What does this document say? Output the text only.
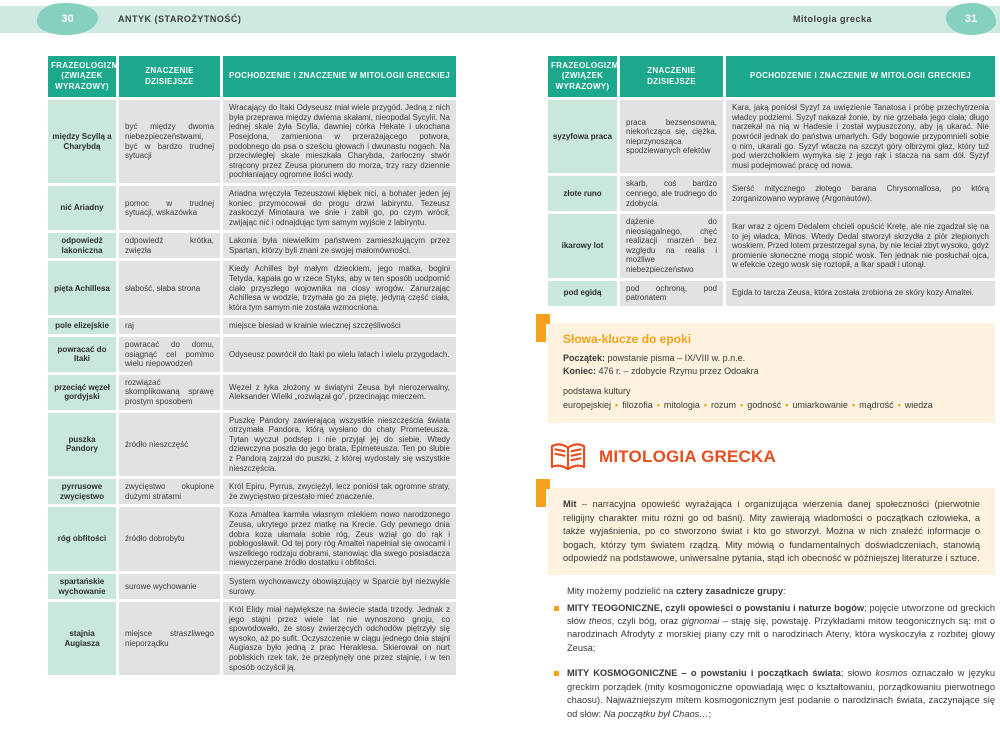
30	ANTYK (STAROŻYTNOŚĆ)	Mitologia grecka	31
FRAZEOLOGIZM (ZWIĄZEK WYRAZOWY)	ZNACZENIE DZISIEJSZE	POCHODZENIE I ZNACZENIE W MITOLOGII GRECKIEJ
między Scyllą a Charybdą	być między dwoma niebezpieczeństwami, być w bardzo trudnej sytuacji	Wracający do Itaki Odyseusz miał wiele przygód. Jedną z nich była przeprawa między dwiema skałami, nieopodal Sycylii. Na jednej skale żyła Scylla, dawniej córka Hekate i ukochana Posejdona, zamieniona w przerażającego potwora, podobnego do psa o sześciu głowach i dwunastu nogach. Na przeciwległej skale mieszkała Charybda, żarłoczny stwór strącony przez Zeusa piorunem do morza, trzy razy dziennie pochłaniający ogromne ilości wody.
nić Ariadny	pomoc w trudnej sytuacji, wskazówka	Ariadna wręczyła Tezeuszowi kłębek nici, a bohater jeden jej koniec przymocował do progu drzwi labiryntu. Tezeusz zaskoczył Minotaura we śnie i zabił go, po czym wrócił, zwijając nić i odnajdując tym samym wyjście z labiryntu.
odpowiedź lakoniczna	odpowiedź krótka, zwięzła	Lakonia była niewielkim państwem zamieszkującym przez Spartan, którzy byli znani ze swojej małomówności.
pięta Achillesa	słabość, słaba strona	Kiedy Achilles był małym dzieckiem, jego matka, bogini Tetyda, kąpała go w rzece Styks, aby w ten sposób uodpornić ciało przyszłego wojownika na ciosy wrogów. Zanurzając Achillesa w wodzie, trzymała go za piętę, jedyną część ciała, która tym samym nie została wzmocniona.
pole elizejskie	raj	miejsce biesiad w krainie wiecznej szczęśliwości
powracać do Itaki	powracać do domu, osiągnąć cel pomimo wielu niepowodzeń	Odyseusz powrócił do Itaki po wielu latach i wielu przygodach.
przeciąć węzeł gordyjski	rozwiązać skomplikowaną sprawę prostym sposobem	Węzeł z łyka złożony w świątyni Zeusa był nierozerwalny, Aleksander Wielki „rozwiązał go”, przecinając mieczem.
puszka Pandory	źródło nieszczęść	Puszkę Pandory zawierającą wszystkie nieszczęścia świata otrzymała Pandora, którą wysłano do chaty Prometeusza. Tytan wyczuł podstęp i nie przyjął jej do siebie. Wtedy dziewczyna poszła do jego brata, Epimeteusza. Ten po ślubie z Pandorą zajrzał do puszki, z której wydostały się wszystkie nieszczęścia.
pyrrusowe zwycięstwo	zwycięstwo okupione dużymi stratami	Król Epiru, Pyrrus, zwyciężył, lecz poniósł tak ogromne straty, że zwycięstwo przestało mieć znaczenie.
róg obfitości	źródło dobrobytu	Koza Amaltea karmiła własnym mlekiem nowo narodzonego Zeusa, ukrytego przez matkę na Krecie. Gdy pewnego dnia dobra koza ułamała sobie róg, Zeus wziął go do rąk i pobłogosławił. Od tej pory róg Amaltei napełniał się owocami i wszelkiego rodzaju dobrami, stanowiąc dla swego posiadacza niewyczerpane źródło dostatku i obfitości.
spartańskie wychowanie	surowe wychowanie	System wychowawczy obowiązujący w Sparcie był niezwykle surowy.
stajnia Augiasza	miejsce straszliwego nieporządku	Król Elidy miał największe na świecie stada trzody. Jednak z jego stajni przez wiele lat nie wynoszono gnoju, co spowodowało, że stosy zwierzęcych odchodów piętrzyły się wysoko, aż po sufit. Oczyszczenie w ciągu jednego dnia stajni Augiasza było jedną z prac Heraklesa. Skierował on nurt pobliskich rzek tak, że przepłynęły one przez stajnię, i w ten sposób oczyścił ją.
FRAZEOLOGIZM (ZWIĄZEK WYRAZOWY)	ZNACZENIE DZISIEJSZE	POCHODZENIE I ZNACZENIE W MITOLOGII GRECKIEJ
syzyfowa praca	praca bezsensowna, niekończąca się, ciężka, nieprzynosząca spodziewanych efektów	Kara, jaką poniósł Syzyf za uwięzienie Tanatosa i próbę przechytrzenia władcy podziemi. Syzyf nakazał żonie, by nie grzebała jego ciała; długo narzekał na nią w Hadesie i został wypuszczony, aby ją ukarać. Nie powrócił jednak do państwa umarłych. Gdy bogowie przypomnieli sobie o nim, ukarali go. Syzyf wtacza na szczyt góry olbrzymi głaz, który tuż pod wierzchołkiem wymyka się z jego rąk i stacza na sam dół. Syzyf musi podejmować pracę od nowa.
złote runo	skarb, coś bardzo cennego, ale trudnego do zdobycia	Sierść mitycznego złotego barana Chrysomallosa, po którą zorganizowano wyprawę (Argonautów).
ikarowy lot	dążenie do nieosiągalnego, chęć realizacji marzeń bez względu na realia i możliwe niebezpieczeństwo	Ikar wraz z ojcem Dedalem chcieli opuścić Kretę, ale nie zgadzał się na to jej władca, Minos. Wtedy Dedal stworzył skrzydła z piór zlepionych woskiem. Przed lotem przestrzegał syna, by nie leciał zbyt wysoko, gdyż promienie słoneczne mogą stopić wosk. Ten jednak nie posłuchał ojca, w efekcie czego wosk się roztopił, a Ikar spadł i utonął.
pod egidą	pod ochroną, pod patronatem	Egida to tarcza Zeusa, która została zrobiona ze skóry kozy Amaltei.
Słowa-klucze do epoki

Początek: powstanie pisma – IX/VIII w. p.n.e.

Koniec: 476 r. – zdobycie Rzymu przez Odoakra

podstawa kultury europejskiej • filozofia • mitologia • rozum • godność • umiarkowanie • mądrość • wiedza

MITOLOGIA GRECKA
Mit – narracyjna opowieść wyrażająca i organizująca wierzenia danej społeczności (pierwotnie religijny charakter mitu różni go od baśni). Mity zawierają wiadomości o początkach człowieka, a także wyjaśnienia, po co stworzono świat i kto go stworzył. Można w nich znaleźć informacje o bogach, którzy tym światem rządzą. Mity mówią o fundamentalnych doświadczeniach, stanowią odpowiedź na podstawowe, uniwersalne pytania, stąd ich obecność w późniejszej literaturze i sztuce.

Mity możemy podzielić na cztery zasadnicze grupy:

MITY TEOGONICZNE, czyli opowieści o powstaniu i naturze bogów; pojęcie utworzone od greckich słów theos, czyli bóg, oraz gignomai – staję się, powstaję. Przykładami mitów teogonicznych są: mit o narodzinach Afrodyty z morskiej piany czy mit o narodzinach Ateny, która wyskoczyła z rozbitej głowy Zeusa;
MITY KOSMOGONICZNE – o powstaniu i początkach świata; słowo kosmos oznaczało w języku greckim porządek (mity kosmogoniczne opowiadają więc o kształtowaniu, porządkowaniu pierwotnego chaosu). Najważniejszym mitem kosmogonicznym jest podanie o narodzinach świata, zaczynające się od słów: Na początku był Chaos…;
